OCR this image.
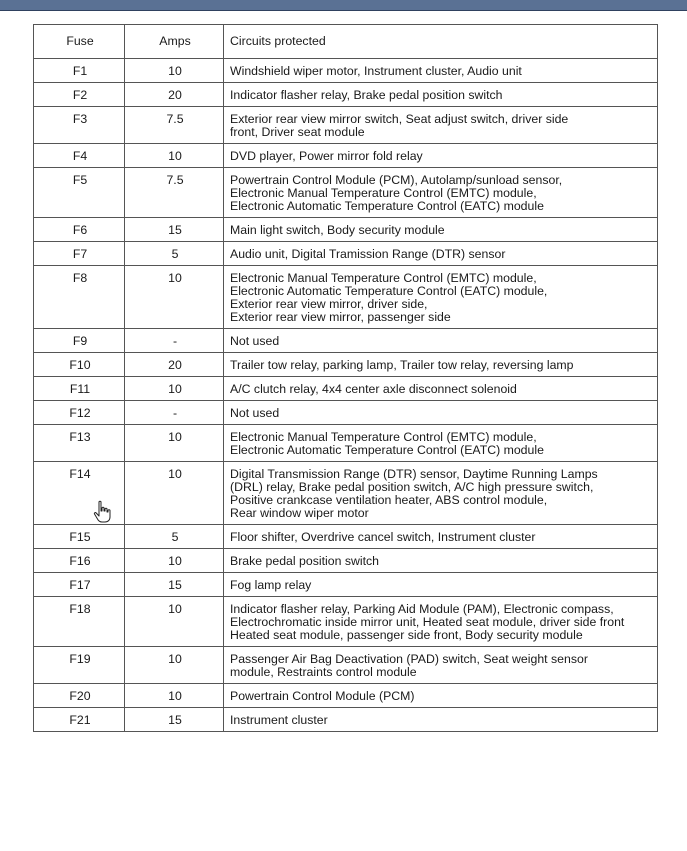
Fuse	Amps	Circuits protected
F1	10	Windshield wiper motor, Instrument cluster, Audio unit

F2	20	Indicator flasher relay, Brake pedal position switch

F3	7.5	Exterior rear view mirror switch, Seat adjust switch, driver side
front, Driver seat module

F4	10	DVD player, Power mirror fold relay

F5	7.5	Powertrain Control Module (PCM), Autolamp/sunload sensor,
Electronic Manual Temperature Control (EMTC) module,
Electronic Automatic Temperature Control (EATC) module

F6	15	Main light switch, Body security module

F7	5	Audio unit, Digital Tramission Range (DTR) sensor

F8	10	Electronic Manual Temperature Control (EMTC) module,
Electronic Automatic Temperature Control (EATC) module,
Exterior rear view mirror, driver side,
Exterior rear view mirror, passenger side

F9	-	Not used

F10	20	Trailer tow relay, parking lamp, Trailer tow relay, reversing lamp

F11	10	A/C clutch relay, 4x4 center axle disconnect solenoid

F12	-	Not used

F13	10	Electronic Manual Temperature Control (EMTC) module,
Electronic Automatic Temperature Control (EATC) module

F14	10	Digital Transmission Range (DTR) sensor, Daytime Running Lamps
(DRL) relay, Brake pedal position switch, A/C high pressure switch,
Positive crankcase ventilation heater, ABS control module,
Rear window wiper motor

F15	5	Floor shifter, Overdrive cancel switch, Instrument cluster

F16	10	Brake pedal position switch

F17	15	Fog lamp relay

F18	10	Indicator flasher relay, Parking Aid Module (PAM), Electronic compass,
Electrochromatic inside mirror unit, Heated seat module, driver side front
Heated seat module, passenger side front, Body security module

F19	10	Passenger Air Bag Deactivation (PAD) switch, Seat weight sensor
module, Restraints control module

F20	10	Powertrain Control Module (PCM)

F21	15	Instrument cluster
